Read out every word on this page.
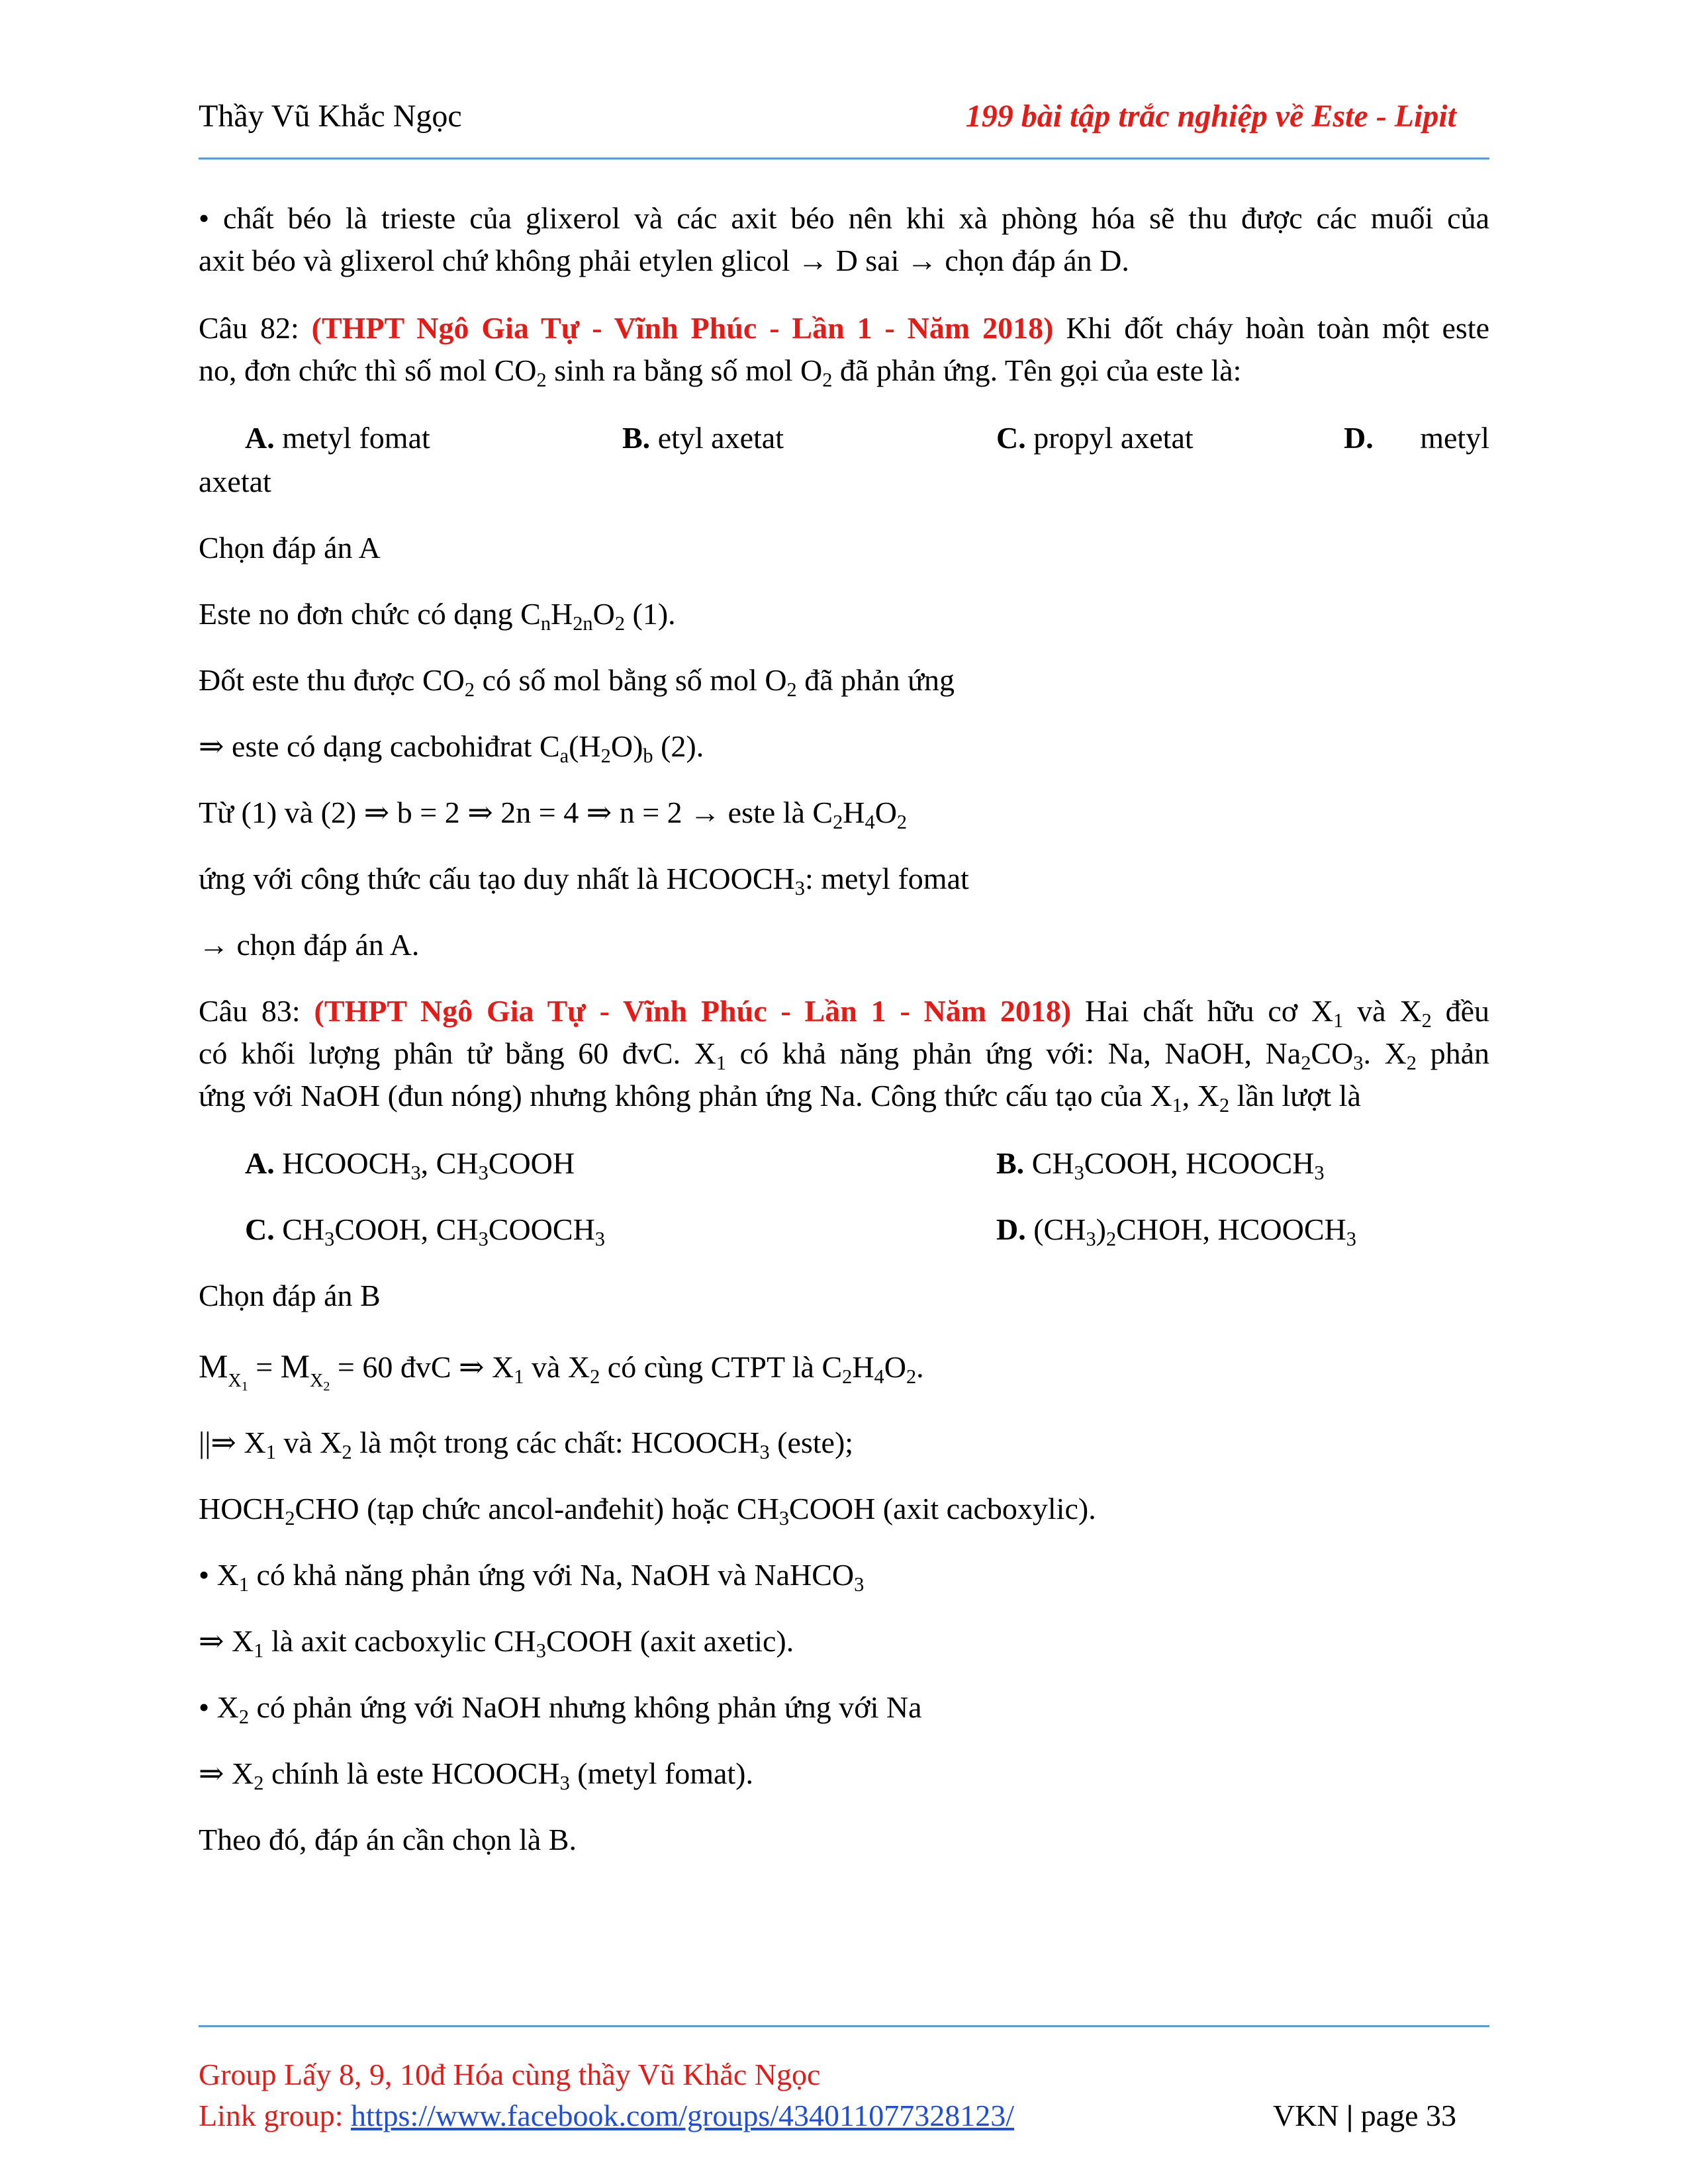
Thầy Vũ Khắc Ngọc	199 bài tập trắc nghiệp về Este - Lipit
• chất béo là trieste của glixerol và các axit béo nên khi xà phòng hóa sẽ thu được các muối của
axit béo và glixerol chứ không phải etylen glicol → D sai → chọn đáp án D.
Câu 82: (THPT Ngô Gia Tự - Vĩnh Phúc - Lần 1 - Năm 2018) Khi đốt cháy hoàn toàn một este
no, đơn chức thì số mol $CO_2$ sinh ra bằng số mol $O_2$ đã phản ứng. Tên gọi của este là:
A. metyl fomat	B. etyl axetat	C. propyl axetat	D. metyl
axetat
Chọn đáp án A
Este no đơn chức có dạng $C_nH_{2n}O_2$ (1).
Đốt este thu được $CO_2$ có số mol bằng số mol $O_2$ đã phản ứng
⇒ este có dạng cacbohiđrat $C_a(H_2O)_b$ (2).
Từ (1) và (2) ⇒ b = 2 ⇒ 2n = 4 ⇒ n = 2 → este là $C_2H_4O_2$
ứng với công thức cấu tạo duy nhất là $HCOOCH_3$: metyl fomat
→ chọn đáp án A.
Câu 83: (THPT Ngô Gia Tự - Vĩnh Phúc - Lần 1 - Năm 2018) Hai chất hữu cơ $X_1$ và $X_2$ đều
có khối lượng phân tử bằng 60 đvC. $X_1$ có khả năng phản ứng với: Na, NaOH, $Na_2CO_3$. $X_2$ phản
ứng với NaOH (đun nóng) nhưng không phản ứng Na. Công thức cấu tạo của $X_1$, $X_2$ lần lượt là
A. $HCOOCH_3$, $CH_3COOH$	B. $CH_3COOH$, $HCOOCH_3$
C. $CH_3COOH$, $CH_3COOCH_3$	D. $(CH_3)_2CHOH$, $HCOOCH_3$
Chọn đáp án B
$M_{X1} = M_{X2} = 60$ đvC ⇒ $X_1$ và $X_2$ có cùng CTPT là $C_2H_4O_2$.
||⇒ $X_1$ và $X_2$ là một trong các chất: $HCOOCH_3$ (este);
$HOCH_2CHO$ (tạp chức ancol-anđehit) hoặc $CH_3COOH$ (axit cacboxylic).
• $X_1$ có khả năng phản ứng với Na, NaOH và NaHCO$_3$
⇒ $X_1$ là axit cacboxylic $CH_3COOH$ (axit axetic).
• $X_2$ có phản ứng với NaOH nhưng không phản ứng với Na
⇒ $X_2$ chính là este $HCOOCH_3$ (metyl fomat).
Theo đó, đáp án cần chọn là B.
Group Lấy 8, 9, 10đ Hóa cùng thầy Vũ Khắc Ngọc
Link group: https://www.facebook.com/groups/434011077328123/	VKN | page 33
